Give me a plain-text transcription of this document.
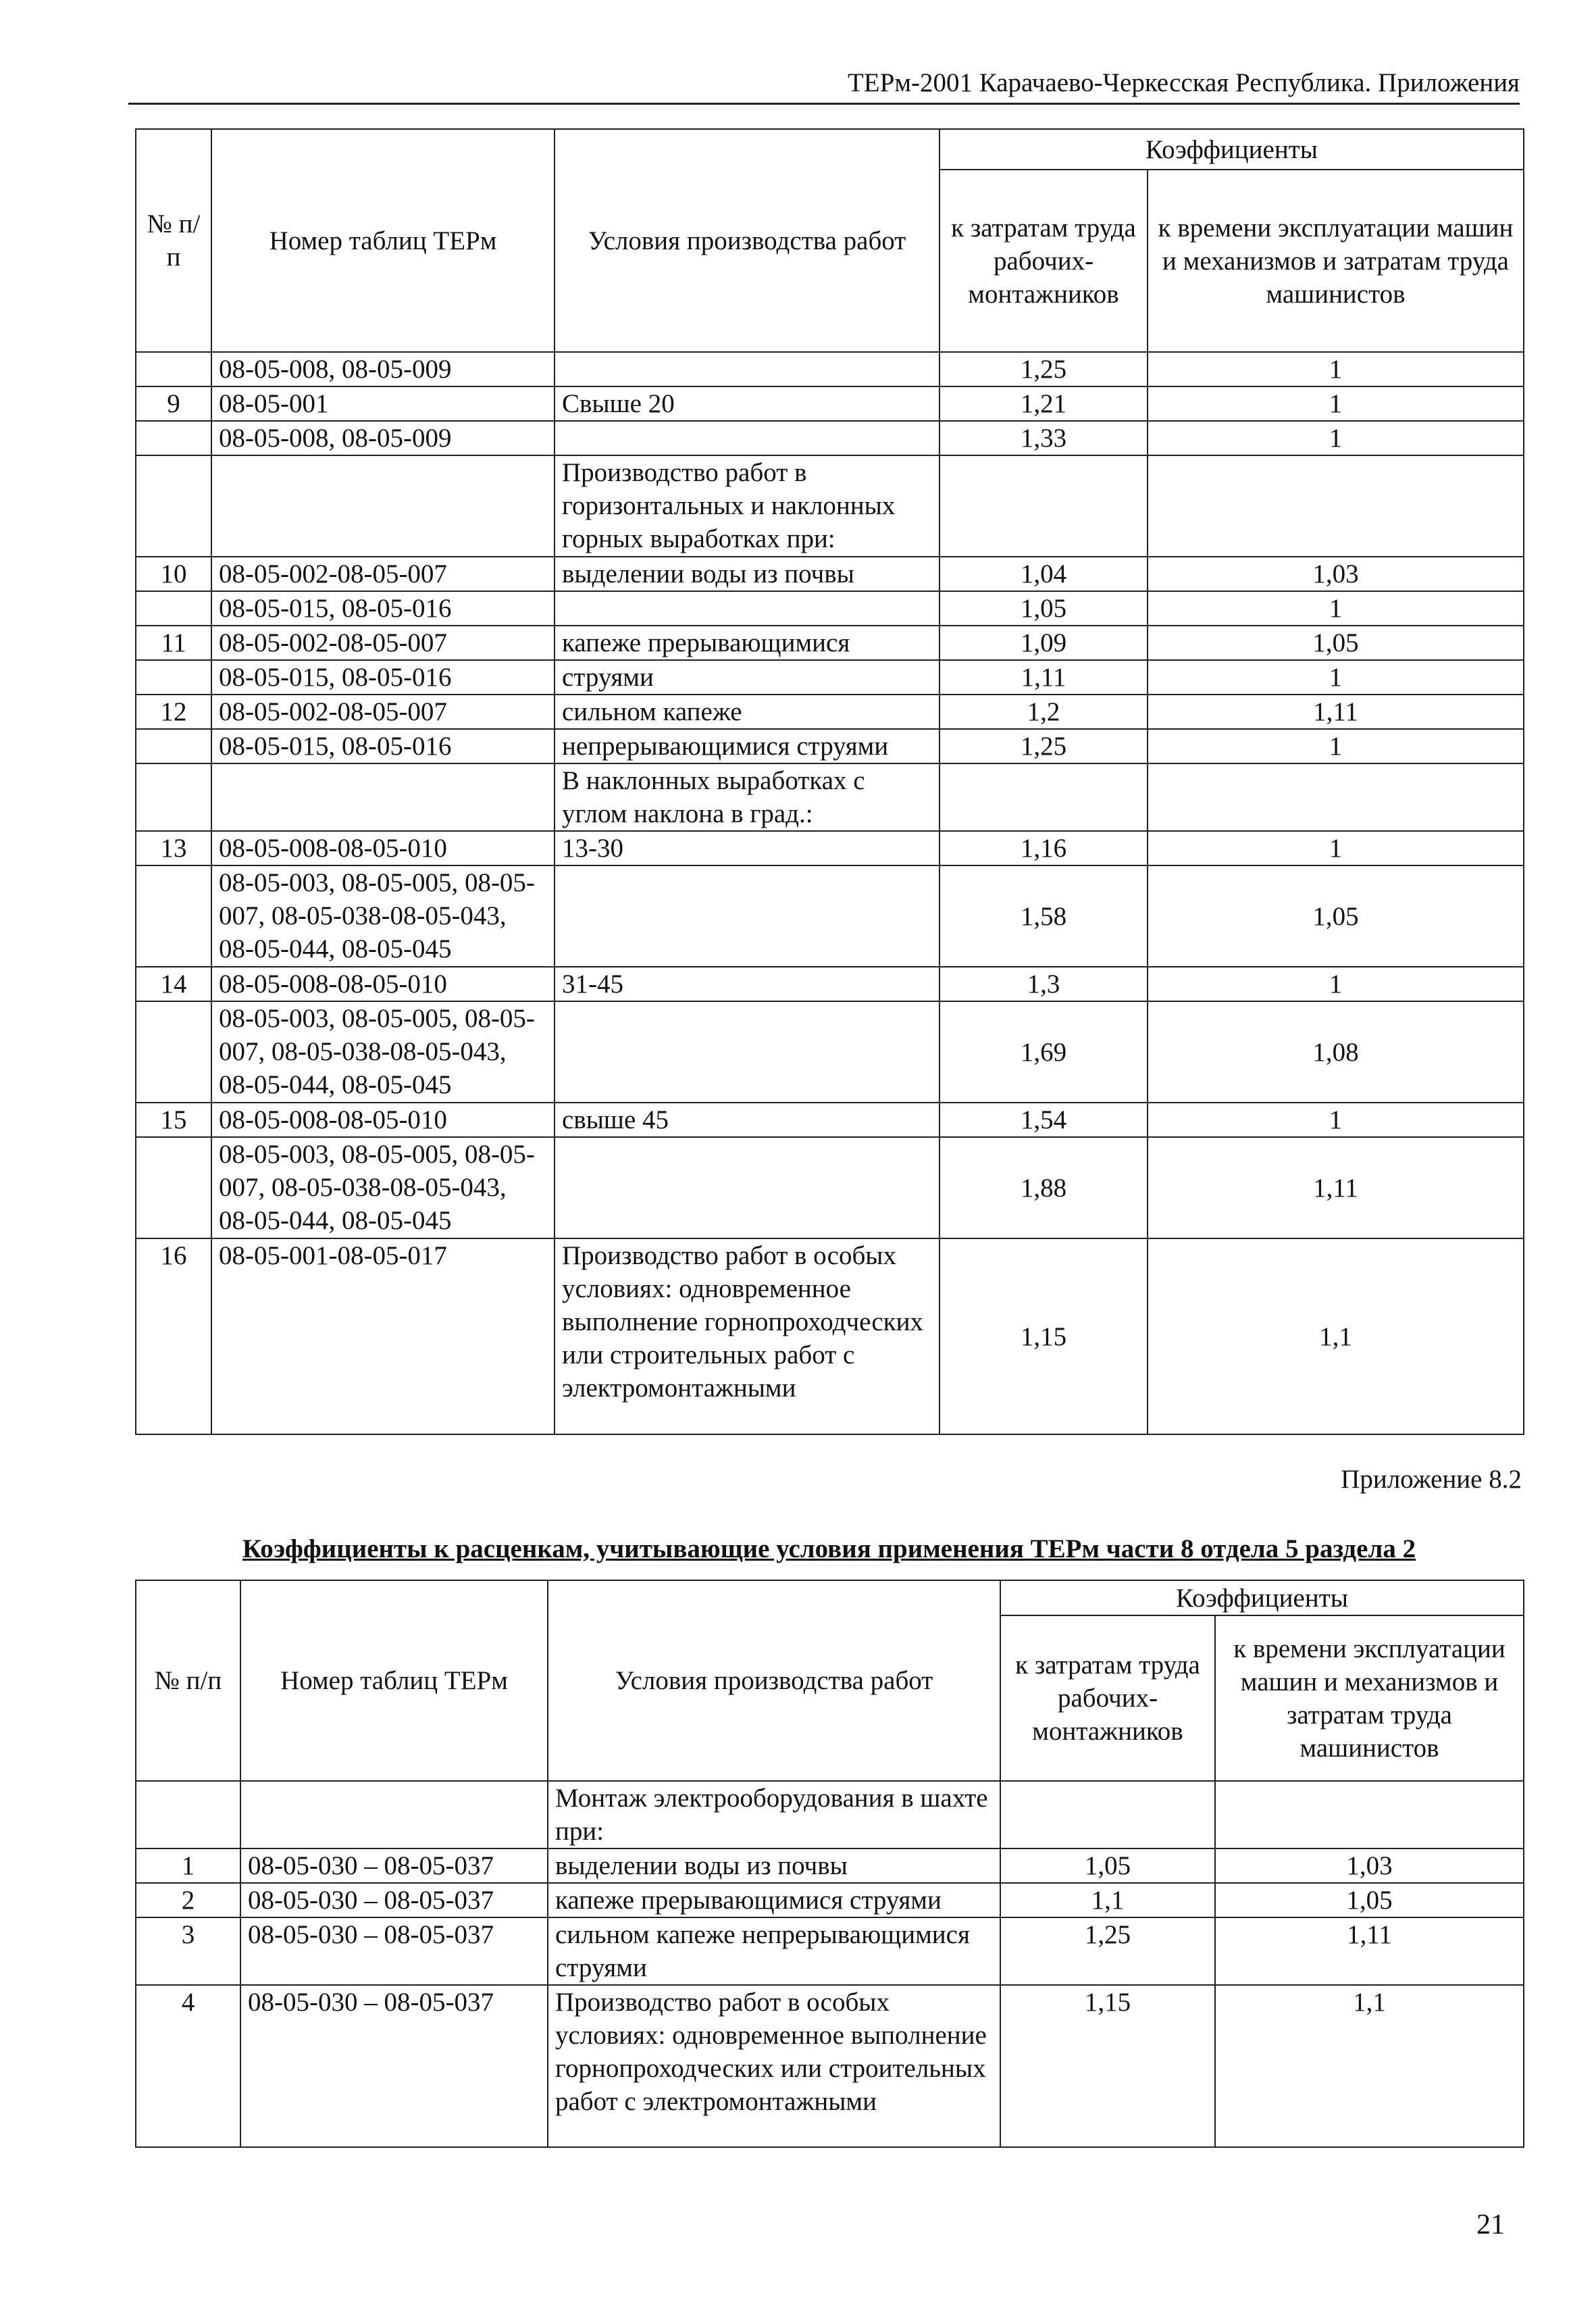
ТЕРм-2001 Карачаево-Черкесская Республика. Приложения
№ п/п	Номер таблиц ТЕРм	Условия производства работ	Коэффициенты	
			к затратам труда рабочих-монтажников	к времени эксплуатации машин и механизмов и затратам труда машинистов
	08-05-008, 08-05-009		1,25	1
9	08-05-001	Свыше 20	1,21	1
	08-05-008, 08-05-009		1,33	1
		Производство работ в горизонтальных и наклонных горных выработках при:		
10	08-05-002-08-05-007	выделении воды из почвы	1,04	1,03
	08-05-015, 08-05-016		1,05	1
11	08-05-002-08-05-007	капеже прерывающимися	1,09	1,05
	08-05-015, 08-05-016	струями	1,11	1
12	08-05-002-08-05-007	сильном капеже	1,2	1,11
	08-05-015, 08-05-016	непрерывающимися струями	1,25	1
		В наклонных выработках с углом наклона в град.:		
13	08-05-008-08-05-010	13-30	1,16	1
	08-05-003, 08-05-005, 08-05-007, 08-05-038-08-05-043, 08-05-044, 08-05-045		1,58	1,05
14	08-05-008-08-05-010	31-45	1,3	1
	08-05-003, 08-05-005, 08-05-007, 08-05-038-08-05-043, 08-05-044, 08-05-045		1,69	1,08
15	08-05-008-08-05-010	свыше 45	1,54	1
	08-05-003, 08-05-005, 08-05-007, 08-05-038-08-05-043, 08-05-044, 08-05-045		1,88	1,11
16	08-05-001-08-05-017	Производство работ в особых условиях: одновременное выполнение горнопроходческих или строительных работ с электромонтажными	1,15	1,1
Приложение 8.2
Коэффициенты к расценкам, учитывающие условия применения ТЕРм части 8 отдела 5 раздела 2
№ п/п	Номер таблиц ТЕРм	Условия производства работ	Коэффициенты	
			к затратам труда рабочих-монтажников	к времени эксплуатации машин и механизмов и затратам труда машинистов
		Монтаж электрооборудования в шахте при:		
1	08-05-030 – 08-05-037	выделении воды из почвы	1,05	1,03
2	08-05-030 – 08-05-037	капеже прерывающимися струями	1,1	1,05
3	08-05-030 – 08-05-037	сильном капеже непрерывающимися струями	1,25	1,11
4	08-05-030 – 08-05-037	Производство работ в особых условиях: одновременное выполнение горнопроходческих или строительных работ с электромонтажными	1,15	1,1
21
